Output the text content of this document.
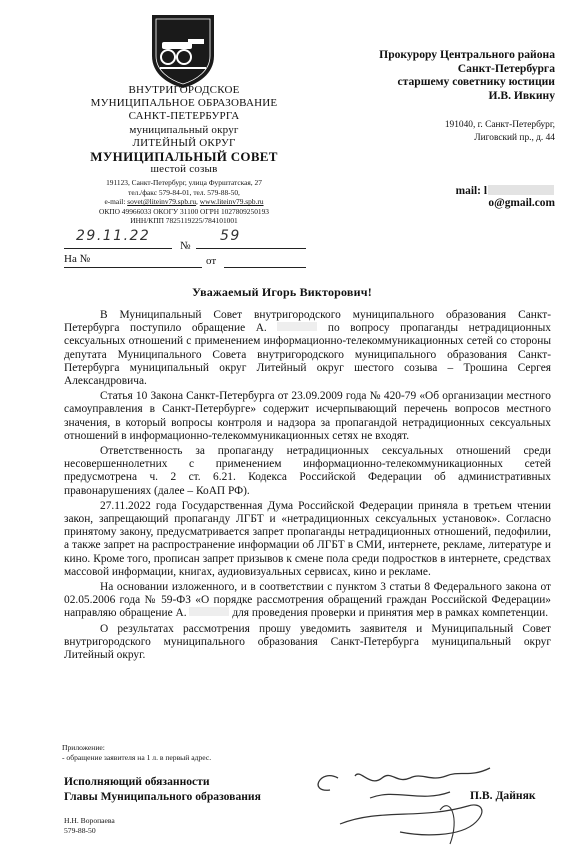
ВНУТРИГОРОДСКОЕ
МУНИЦИПАЛЬНОЕ ОБРАЗОВАНИЕ
САНКТ-ПЕТЕРБУРГА
муниципальный округ
ЛИТЕЙНЫЙ ОКРУГ
МУНИЦИПАЛЬНЫЙ СОВЕТ
шестой созыв
191123, Санкт-Петербург, улица Фурштатская, 27
тел./факс 579-84-01, тел. 579-88-50,
e-mail: sovet@liteinv79.spb.ru, www.liteinv79.spb.ru
ОКПО 49966033 ОКОГУ 31100 ОГРН 1027809250193
ИНН/КПП 7825119225/784101001
29.11.22
№
59
На №	от
Прокурору Центрального района
Санкт-Петербурга
старшему советнику юстиции
И.В. Ивкину
191040, г. Санкт-Петербург,
Лиговский пр., д. 44
mail: lo@gmail.com
Уважаемый Игорь Викторович!

В Муниципальный Совет внутригородского муниципального образования Санкт-Петербурга поступило обращение А.	по вопросу пропаганды нетрадиционных сексуальных отношений с применением информационно-телекоммуникационных сетей со стороны депутата Муниципального Совета внутригородского муниципального образования Санкт-Петербурга муниципальный округ Литейный округ шестого созыва – Трошина Сергея Александровича.

Статья 10 Закона Санкт-Петербурга от 23.09.2009 года № 420-79 «Об организации местного самоуправления в Санкт-Петербурге» содержит исчерпывающий перечень вопросов местного значения, в который вопросы контроля и надзора за пропагандой нетрадиционных сексуальных отношений в информационно-телекоммуникационных сетях не входят.

Ответственность за пропаганду нетрадиционных сексуальных отношений среди несовершеннолетних с применением информационно-телекоммуникационных сетей предусмотрена ч. 2 ст. 6.21. Кодекса Российской Федерации об административных правонарушениях (далее – КоАП РФ).

27.11.2022 года Государственная Дума Российской Федерации приняла в третьем чтении закон, запрещающий пропаганду ЛГБТ и «нетрадиционных сексуальных установок». Согласно принятому закону, предусматривается запрет пропаганды нетрадиционных отношений, педофилии, а также запрет на распространение информации об ЛГБТ в СМИ, интернете, рекламе, литературе и кино. Кроме того, прописан запрет призывов к смене пола среди подростков в интернете, средствах массовой информации, книгах, аудиовизуальных сервисах, кино и рекламе.

На основании изложенного, и в соответствии с пунктом 3 статьи 8 Федерального закона от 02.05.2006 года № 59-ФЗ «О порядке рассмотрения обращений граждан Российской Федерации» направляю обращение А.	для проведения проверки и принятия мер в рамках компетенции.

О результатах рассмотрения прошу уведомить заявителя и Муниципальный Совет внутригородского муниципального образования Санкт-Петербурга муниципальный округ Литейный округ.

Приложение:
- обращение заявителя на 1 л. в первый адрес.
Исполняющий обязанности
Главы Муниципального образования	П.В. Дайняк
Н.Н. Воропаева
579-88-50
